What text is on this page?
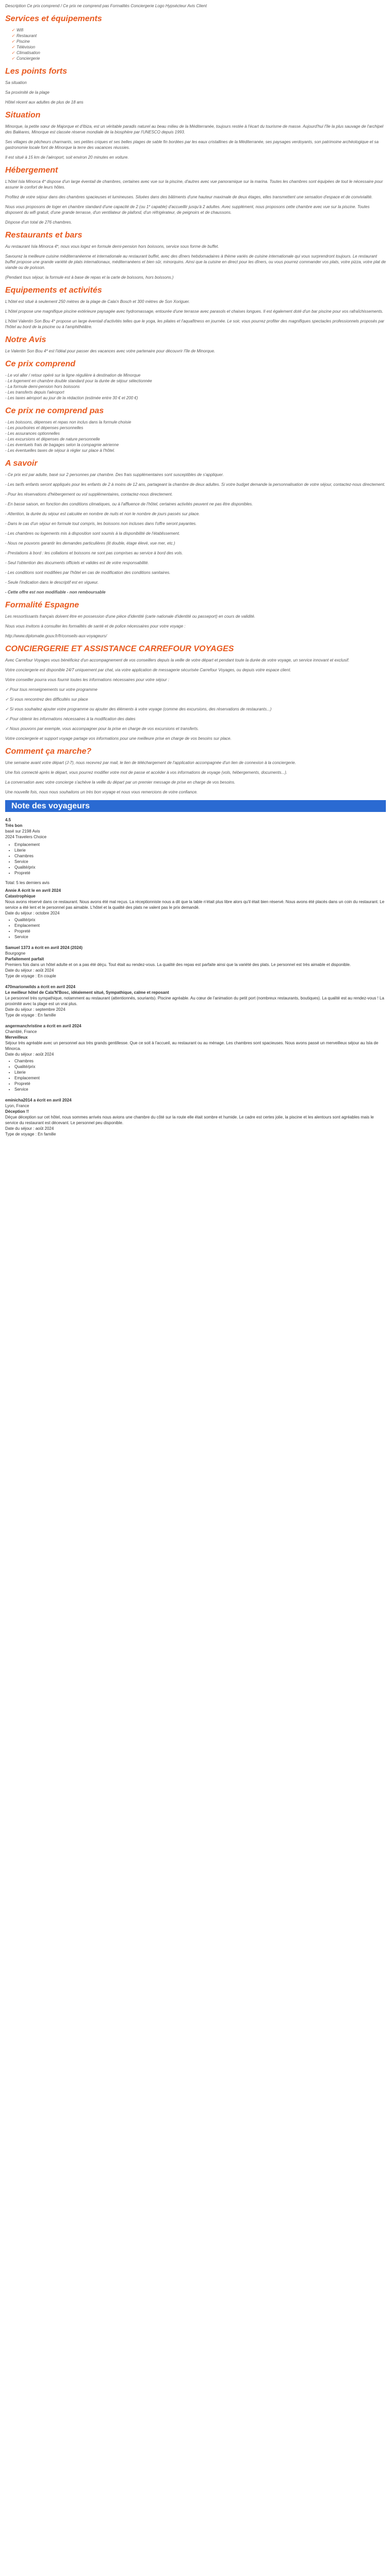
Description Ce prix comprend / Ce prix ne comprend pas Formalités Conciergerie Logo Hypsécteur Avis Client

Services et équipements
✓ Wifi
✓ Restaurant
✓ Piscine
✓ Télévision
✓ Climatisation
✓ Conciergerie
Les points forts

Sa situation

Sa proximité de la plage

Hôtel récent aux adultes de plus de 18 ans

Situation

Minorque, la petite sœur de Majorque et d'Ibiza, est un véritable paradis naturel au beau milieu de la Méditerranée, toujours restée à l'écart du tourisme de masse. Aujourd'hui l'île la plus sauvage de l'archipel des Baléares, Minorque est classée réserve mondiale de la biosphère par l'UNESCO depuis 1993.

Ses villages de pêcheurs charmants, ses petites criques et ses belles plages de sable fin bordées par les eaux cristallines de la Méditerranée, ses paysages verdoyants, son patrimoine archéologique et sa gastronomie locale font de Minorque la terre des vacances réussies.

Il est situé à 15 km de l'aéroport, soit environ 20 minutes en voiture.

Hébergement

L'hôtel Isla Minorca 4* dispose d'un large éventail de chambres, certaines avec vue sur la piscine, d'autres avec vue panoramique sur la marina. Toutes les chambres sont équipées de tout le nécessaire pour assurer le confort de leurs hôtes.

Profitez de votre séjour dans des chambres spacieuses et lumineuses. Situées dans des bâtiments d'une hauteur maximale de deux étages, elles transmettent une sensation d'espace et de convivialité.

Nous vous proposons de loger en chambre standard d'une capacité de 2 (ou 1* capable) d'accueillir jusqu'à 2 adultes. Avec supplément, nous proposons cette chambre avec vue sur la piscine. Toutes disposent du wifi gratuit, d'une grande terrasse, d'un ventilateur de plafond, d'un réfrigérateur, de peignoirs et de chaussons.

Dispose d'un total de 276 chambres.

Restaurants et bars

Au restaurant Isla Minorca 4*, nous vous logez en formule demi-pension hors boissons, service sous forme de buffet.

Savourez la meilleure cuisine méditerranéenne et internationale au restaurant buffet, avec des dîners hebdomadaires à thème variés de cuisine internationale qui vous surprendront toujours. Le restaurant buffet propose une grande variété de plats internationaux, méditerranéens et bien sûr, minorquins. Ainsi que la cuisine en direct pour les dîners, ou vous pourrez commander vos plats, votre pizza, votre plat de viande ou de poisson.

(Pendant tous séjour, la formule est à base de repas et la carte de boissons, hors boissons.)

Equipements et activités

L'hôtel est situé à seulement 250 mètres de la plage de Cala'n Bosch et 300 mètres de Son Xoriguer.

L'hôtel propose une magnifique piscine extérieure paysagée avec hydromassage, entourée d'une terrasse avec parasols et chaises longues. Il est également doté d'un bar piscine pour vos rafraîchissements.

L'hôtel Valentin Son Bou 4* propose un large éventail d'activités telles que le yoga, les pilates et l'aquafitness en journée. Le soir, vous pourrez profiter des magnifiques spectacles professionnels proposés par l'hôtel au bord de la piscine ou à l'amphithéâtre.

Notre Avis

Le Valentin Son Bou 4* est l'idéal pour passer des vacances avec votre partenaire pour découvrir l'île de Minorque.

Ce prix comprend
- Le vol aller / retour opéré sur la ligne régulière à destination de Minorque
- Le logement en chambre double standard pour la durée de séjour sélectionnée
- La formule demi-pension hors boissons
- Les transferts depuis l'aéroport
- Les taxes aéroport au jour de la rédaction (estimée entre 30 € et 200 €)
Ce prix ne comprend pas
- Les boissons, dépenses et repas non inclus dans la formule choisie
- Les pourboires et dépenses personnelles
- Les assurances optionnelles
- Les excursions et dépenses de nature personnelle
- Les éventuels frais de bagages selon la compagnie aérienne
- Les éventuelles taxes de séjour à régler sur place à l'hôtel.
A savoir

- Ce prix est par adulte, basé sur 2 personnes par chambre. Des frais supplémentaires sont susceptibles de s'appliquer.

- Les tarifs enfants seront appliqués pour les enfants de 2 à moins de 12 ans, partageant la chambre de deux adultes. Si votre budget demande la personnalisation de votre séjour, contactez-nous directement.

- Pour les réservations d'hébergement ou vol supplémentaires, contactez-nous directement.

- En basse saison, en fonction des conditions climatiques, ou à l'affluence de l'hôtel, certaines activités peuvent ne pas être disponibles.

- Attention, la durée du séjour est calculée en nombre de nuits et non le nombre de jours passés sur place.

- Dans le cas d'un séjour en formule tout compris, les boissons non incluses dans l'offre seront payantes.

- Les chambres ou logements mis à disposition sont soumis à la disponibilité de l'établissement.

- Nous ne pouvons garantir les demandes particulières (lit double, étage élevé, vue mer, etc.)

- Prestations à bord : les collations et boissons ne sont pas comprises au service à bord des vols.

- Seul l'obtention des documents officiels et valides est de votre responsabilité.

- Les conditions sont modifiées par l'hôtel en cas de modification des conditions sanitaires.

- Seule l'indication dans le descriptif est en vigueur.

- Cette offre est non modifiable - non remboursable

Formalité Espagne

Les ressortissants français doivent être en possession d'une pièce d'identité (carte nationale d'identité ou passeport) en cours de validité.

Nous vous invitons à consulter les formalités de santé et de police nécessaires pour votre voyage :

http://www.diplomatie.gouv.fr/fr/conseils-aux-voyageurs/

CONCIERGERIE ET ASSISTANCE CARREFOUR VOYAGES

Avec Carrefour Voyages vous bénéficiez d'un accompagnement de vos conseillers depuis la veille de votre départ et pendant toute la durée de votre voyage, un service innovant et exclusif.

Votre conciergerie est disponible 24/7 uniquement par chat, via votre application de messagerie sécurisée Carrefour Voyages, ou depuis votre espace client.

Votre conseiller pourra vous fournir toutes les informations nécessaires pour votre séjour :

✓ Pour tous renseignements sur votre programme

✓ Si vous rencontrez des difficultés sur place

✓ Si vous souhaitez ajouter votre programme ou ajouter des éléments à votre voyage (comme des excursions, des réservations de restaurants...)

✓ Pour obtenir les informations nécessaires à la modification des dates

✓ Nous pouvons par exemple, vous accompagner pour la prise en charge de vos excursions et transferts.

Votre conciergerie et support voyage partage vos informations pour une meilleure prise en charge de vos besoins sur place.

Comment ça marche?

Une semaine avant votre départ (J-7), nous recevrez par mail, le lien de téléchargement de l'application accompagnée d'un lien de connexion à la conciergerie.

Une fois connecté après le départ, vous pourrez modifier votre mot de passe et accéder à vos informations de voyage (vols, hébergements, documents...).

La conversation avec votre concierge s'achève la veille du départ par un premier message de prise en charge de vos besoins.

Une nouvelle fois, nous nous souhaitons un très bon voyage et nous vous remercions de votre confiance.

Note des voyageurs
4.5
Très bon
basé sur 2198 Avis
2024 Travelers Choice
• Emplacement
• Literie
• Chambres
• Service
• Qualité/prix
• Propreté
Total: 5 les derniers avis
Annie A écrit le en avril 2024
Catastrophique
Nous avons réservé dans ce restaurant. Nous avons été mal reçus. La réceptionniste nous a dit que la table n'était plus libre alors qu'il était bien réservé. Nous avons été placés dans un coin du restaurant. Le service a été lent et le personnel pas aimable. L'hôtel et la qualité des plats ne valent pas le prix demandé.
Date du séjour : octobre 2024
• Qualité/prix
• Emplacement
• Propreté
• Service
Samuel 1373 a écrit en avril 2024 (2024)
Bourgogne
Parfaitement parfait
Premiers fois dans un hôtel adulte et on a pas été déçu. Tout était au rendez-vous. La qualité des repas est parfaite ainsi que la variété des plats. Le personnel est très aimable et disponible.
Date du séjour : août 2024
Type de voyage : En couple
470marionwilds a écrit en avril 2024
Le meilleur hôtel de Cala'N'Bosc, idéalement situé, Sympathique, calme et reposant
Le personnel très sympathique, notamment au restaurant (attentionnés, souriants). Piscine agréable. Au cœur de l'animation du petit port (nombreux restaurants, boutiques). La qualité est au rendez-vous ! La proximité avec la plage est un vrai plus.
Date du séjour : septembre 2024
Type de voyage : En famille
angermanchristine a écrit en avril 2024
Chamblé, France
Merveilleux
Séjour très agréable avec un personnel aux très grands gentillesse. Que ce soit à l'accueil, au restaurant ou au ménage. Les chambres sont spacieuses. Nous avons passé un merveilleux séjour au Isla de Minorca.
Date du séjour : août 2024
• Chambres
• Qualité/prix
• Literie
• Emplacement
• Propreté
• Service
eminicha2014 a écrit en avril 2024
Lyon, France
Déception !!
Déçue déception sur cet hôtel, nous sommes arrivés nous avions une chambre du côté sur la route elle était sombre et humide. Le cadre est certes jolie, la piscine et les alentours sont agréables mais le service du restaurant est décevant. Le personnel peu disponible.
Date du séjour : août 2024
Type de voyage : En famille
